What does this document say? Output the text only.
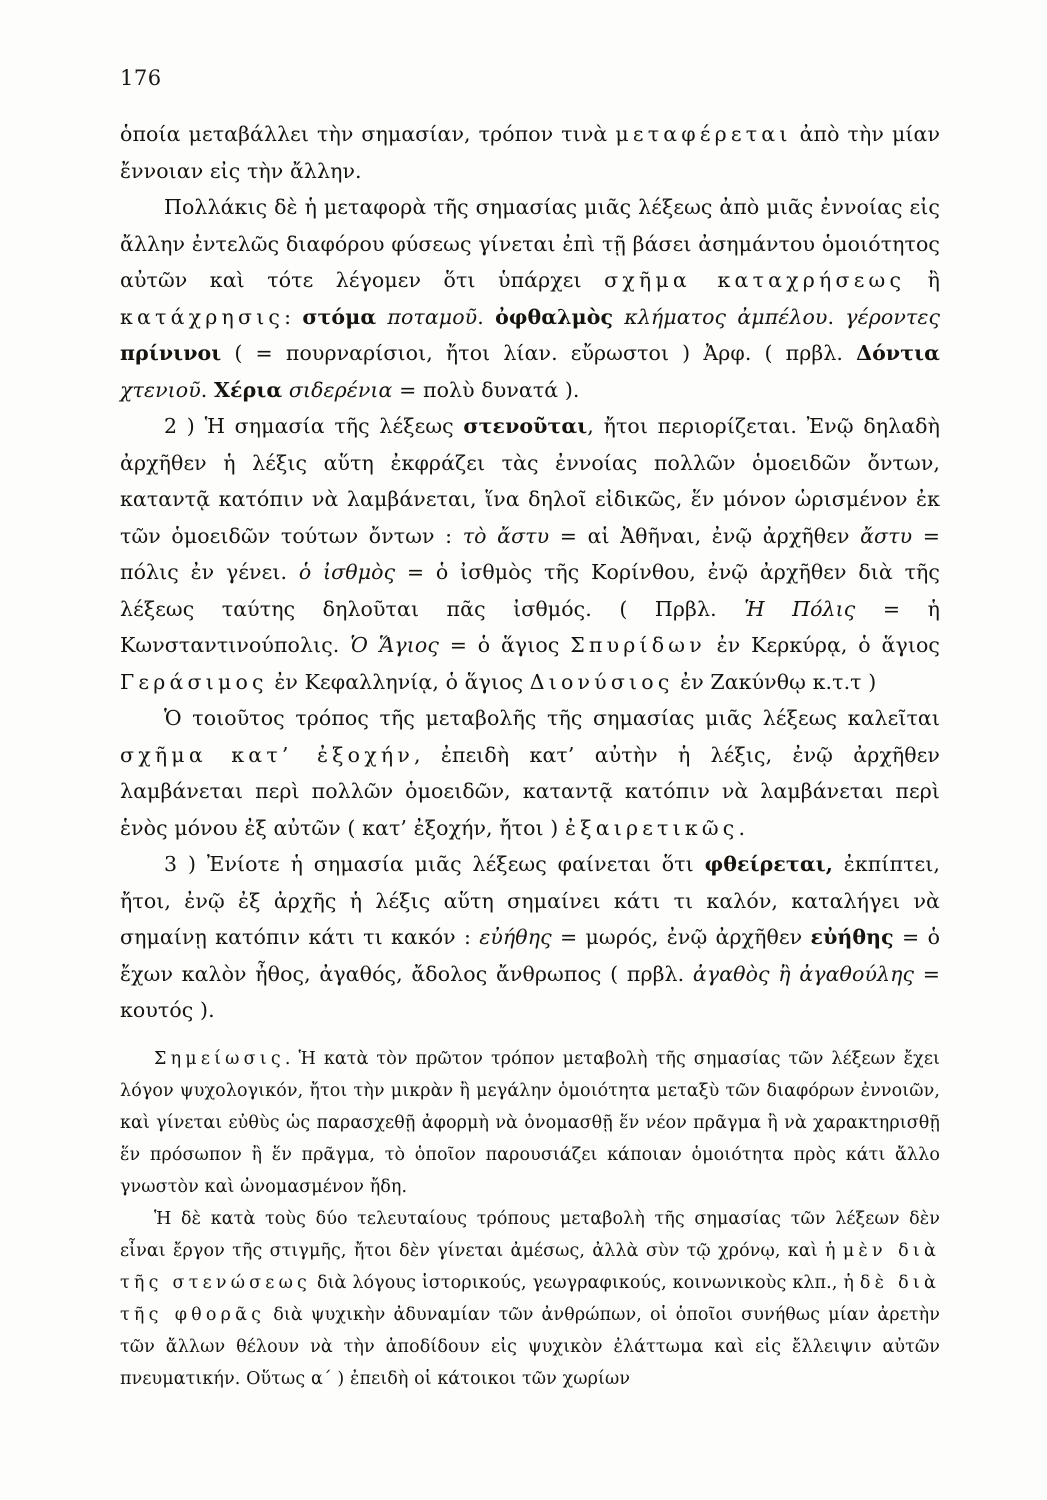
176

ὁποία μεταβάλλει τὴν σημασίαν, τρόπον τινὰ μεταφέρεται ἀπὸ τὴν μίαν ἔννοιαν εἰς τὴν ἄλλην.

Πολλάκις δὲ ἡ μεταφορὰ τῆς σημασίας μιᾶς λέξεως ἀπὸ μιᾶς ἐννοίας εἰς ἄλλην ἐντελῶς διαφόρου φύσεως γίνεται ἐπὶ τῇ βάσει ἀσημάντου ὁμοιότητος αὐτῶν καὶ τότε λέγομεν ὅτι ὑπάρχει σχῆμα καταχρήσεως ἢ κατάχρησις: στόμα ποταμοῦ. ὀφθαλμὸς κλήματος ἀμπέλου. γέροντες πρίνινοι ( = πουρναρίσιοι, ἤτοι λίαν. εὔρωστοι ) Ἀρφ. ( πρβλ. Δόντια χτενιοῦ. Χέρια σιδερένια = πολὺ δυνατά ).

2 ) Ἡ σημασία τῆς λέξεως στενοῦται, ἤτοι περιορίζεται. Ἐνῷ δηλαδὴ ἀρχῆθεν ἡ λέξις αὕτη ἐκφράζει τὰς ἐννοίας πολλῶν ὁμοειδῶν ὄντων, καταντᾷ κατόπιν νὰ λαμβάνεται, ἵνα δηλοῖ εἰδικῶς, ἕν μόνον ὡρισμένον ἐκ τῶν ὁμοειδῶν τούτων ὄντων : τὸ ἄστυ = αἱ Ἀθῆναι, ἐνῷ ἀρχῆθεν ἄστυ = πόλις ἐν γένει. ὁ ἰσθμὸς = ὁ ἰσθμὸς τῆς Κορίνθου, ἐνῷ ἀρχῆθεν διὰ τῆς λέξεως ταύτης δηλοῦται πᾶς ἰσθμός. ( Πρβλ. Ἡ Πόλις = ἡ Κωνσταντινούπολις. Ὁ Ἅγιος = ὁ ἅγιος Σπυρίδων ἐν Κερκύρᾳ, ὁ ἅγιος Γεράσιμος ἐν Κεφαλληνίᾳ, ὁ ἅγιος Διονύσιος ἐν Ζακύνθῳ κ.τ.τ )

Ὁ τοιοῦτος τρόπος τῆς μεταβολῆς τῆς σημασίας μιᾶς λέξεως καλεῖται σχῆμα κατ’ ἐξοχήν, ἐπειδὴ κατ’ αὐτὴν ἡ λέξις, ἐνῷ ἀρχῆθεν λαμβάνεται περὶ πολλῶν ὁμοειδῶν, καταντᾷ κατόπιν νὰ λαμβάνεται περὶ ἑνὸς μόνου ἐξ αὐτῶν ( κατ’ ἐξοχήν, ἤτοι ) ἐξαιρετικῶς.

3 ) Ἐνίοτε ἡ σημασία μιᾶς λέξεως φαίνεται ὅτι φθείρεται, ἐκπίπτει, ἤτοι, ἐνῷ ἐξ ἀρχῆς ἡ λέξις αὕτη σημαίνει κάτι τι καλόν, καταλήγει νὰ σημαίνῃ κατόπιν κάτι τι κακόν : εὐήθης = μωρός, ἐνῷ ἀρχῆθεν εὐήθης = ὁ ἔχων καλὸν ἦθος, ἀγαθός, ἄδολος ἄνθρωπος ( πρβλ. ἀγαθὸς ἢ ἀγαθούλης = κουτός ).

Σημείωσις. Ἡ κατὰ τὸν πρῶτον τρόπον μεταβολὴ τῆς σημασίας τῶν λέξεων ἔχει λόγον ψυχολογικόν, ἤτοι τὴν μικρὰν ἢ μεγάλην ὁμοιότητα μεταξὺ τῶν διαφόρων ἐννοιῶν, καὶ γίνεται εὐθὺς ὡς παρασχεθῇ ἀφορμὴ νὰ ὀνομασθῇ ἕν νέον πρᾶγμα ἢ νὰ χαρακτηρισθῇ ἕν πρόσωπον ἢ ἕν πρᾶγμα, τὸ ὁποῖον παρουσιάζει κάποιαν ὁμοιότητα πρὸς κάτι ἄλλο γνωστὸν καὶ ὠνομασμένον ἤδη.

Ἡ δὲ κατὰ τοὺς δύο τελευταίους τρόπους μεταβολὴ τῆς σημασίας τῶν λέξεων δὲν εἶναι ἔργον τῆς στιγμῆς, ἤτοι δὲν γίνεται ἀμέσως, ἀλλὰ σὺν τῷ χρόνῳ, καὶ ἡ μὲν διὰ τῆς στενώσεως διὰ λόγους ἱστορικούς, γεωγραφικούς, κοινωνικοὺς κλπ., ἡ δὲ διὰ τῆς φθορᾶς διὰ ψυχικὴν ἀδυναμίαν τῶν ἀνθρώπων, οἱ ὁποῖοι συνήθως μίαν ἀρετὴν τῶν ἄλλων θέλουν νὰ τὴν ἀποδίδουν εἰς ψυχικὸν ἐλάττωμα καὶ εἰς ἔλλειψιν αὐτῶν πνευματικήν. Οὕτως α΄ ) ἐπειδὴ οἱ κάτοικοι τῶν χωρίων
